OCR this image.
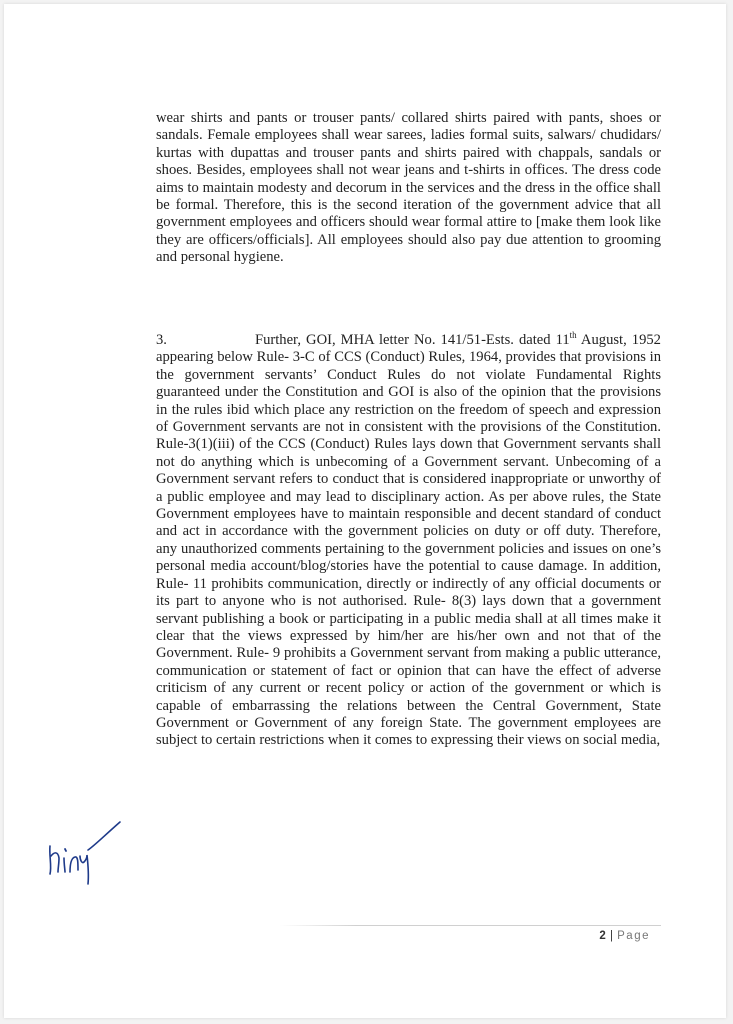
wear shirts and pants or trouser pants/ collared shirts paired with pants, shoes or sandals. Female employees shall wear sarees, ladies formal suits, salwars/ chudidars/ kurtas with dupattas and trouser pants and shirts paired with chappals, sandals or shoes. Besides, employees shall not wear jeans and t-shirts in offices. The dress code aims to maintain modesty and decorum in the services and the dress in the office shall be formal. Therefore, this is the second iteration of the government advice that all government employees and officers should wear formal attire to [make them look like they are officers/officials]. All employees should also pay due attention to grooming and personal hygiene.

3.	Further, GOI, MHA letter No. 141/51-Ests. dated 11th August, 1952 appearing below Rule- 3-C of CCS (Conduct) Rules, 1964, provides that provisions in the government servants’ Conduct Rules do not violate Fundamental Rights guaranteed under the Constitution and GOI is also of the opinion that the provisions in the rules ibid which place any restriction on the freedom of speech and expression of Government servants are not in consistent with the provisions of the Constitution. Rule-3(1)(iii) of the CCS (Conduct) Rules lays down that Government servants shall not do anything which is unbecoming of a Government servant. Unbecoming of a Government servant refers to conduct that is considered inappropriate or unworthy of a public employee and may lead to disciplinary action. As per above rules, the State Government employees have to maintain responsible and decent standard of conduct and act in accordance with the government policies on duty or off duty. Therefore, any unauthorized comments pertaining to the government policies and issues on one’s personal media account/blog/stories have the potential to cause damage. In addition, Rule- 11 prohibits communication, directly or indirectly of any official documents or its part to anyone who is not authorised. Rule- 8(3) lays down that a government servant publishing a book or participating in a public media shall at all times make it clear that the views expressed by him/her are his/her own and not that of the Government. Rule- 9 prohibits a Government servant from making a public utterance, communication or statement of fact or opinion that can have the effect of adverse criticism of any current or recent policy or action of the government or which is capable of embarrassing the relations between the Central Government, State Government or Government of any foreign State. The government employees are subject to certain restrictions when it comes to expressing their views on social media,

2 | Page
